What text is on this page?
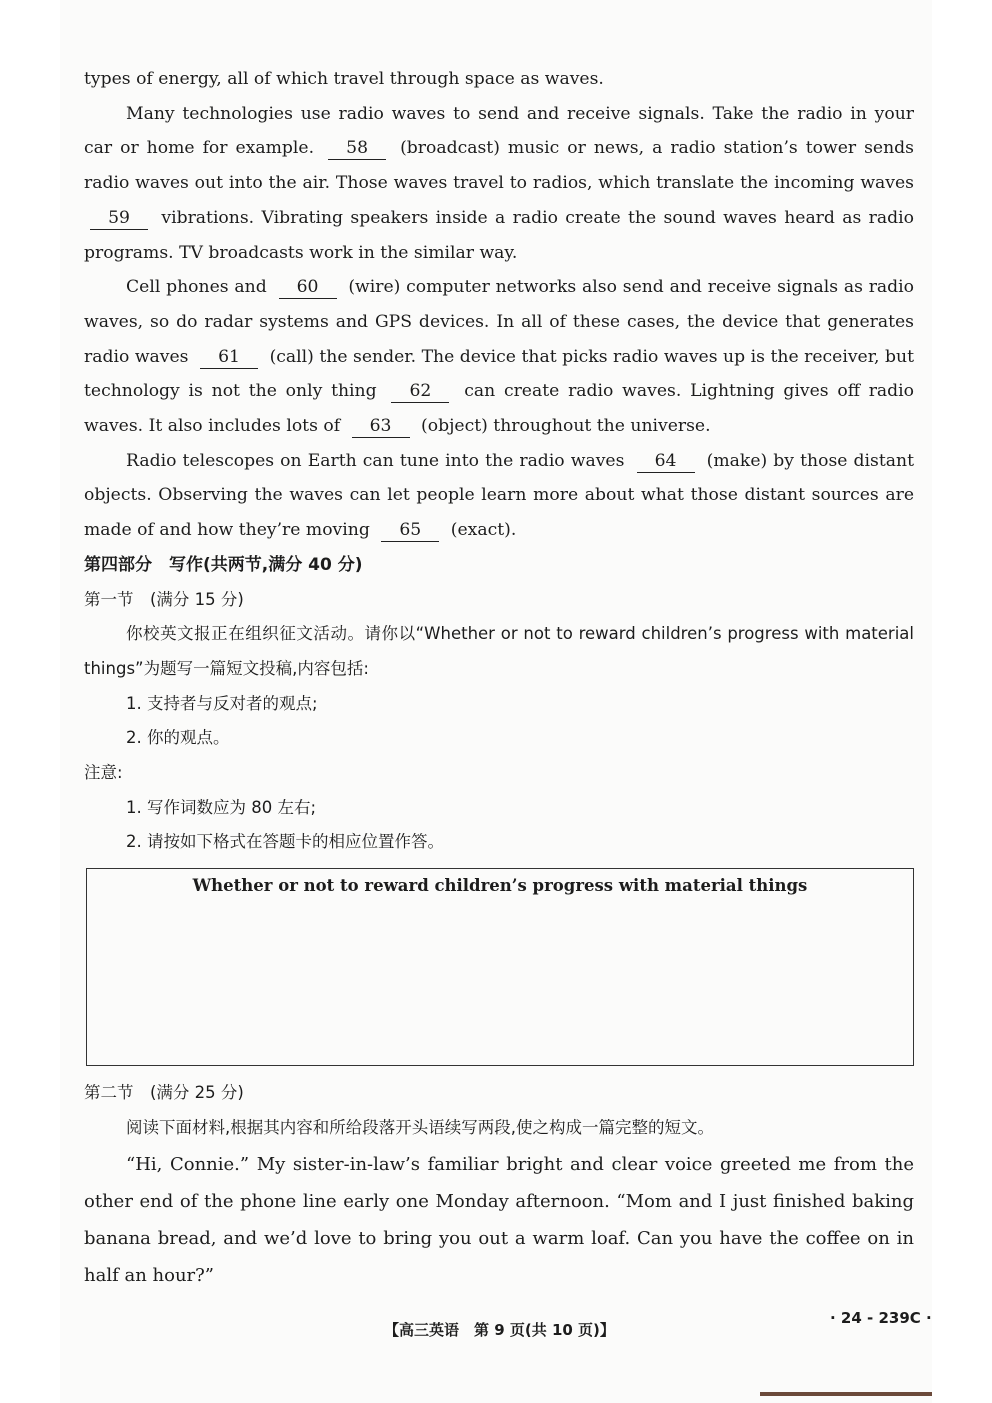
types of energy, all of which travel through space as waves.

Many technologies use radio waves to send and receive signals. Take the radio in your car or home for example. 58 (broadcast) music or news, a radio station’s tower sends radio waves out into the air. Those waves travel to radios, which translate the incoming waves 59 vibrations. Vibrating speakers inside a radio create the sound waves heard as radio programs. TV broadcasts work in the similar way.

Cell phones and 60 (wire) computer networks also send and receive signals as radio waves, so do radar systems and GPS devices. In all of these cases, the device that generates radio waves 61 (call) the sender. The device that picks radio waves up is the receiver, but technology is not the only thing 62 can create radio waves. Lightning gives off radio waves. It also includes lots of 63 (object) throughout the universe.

Radio telescopes on Earth can tune into the radio waves 64 (make) by those distant objects. Observing the waves can let people learn more about what those distant sources are made of and how they’re moving 65 (exact).

第四部分　写作(共两节,满分 40 分)

第一节　(满分 15 分)

你校英文报正在组织征文活动。请你以“Whether or not to reward children’s progress with material things”为题写一篇短文投稿,内容包括:

1. 支持者与反对者的观点;

2. 你的观点。

注意:

1. 写作词数应为 80 左右;

2. 请按如下格式在答题卡的相应位置作答。

Whether or not to reward children’s progress with material things

第二节　(满分 25 分)

阅读下面材料,根据其内容和所给段落开头语续写两段,使之构成一篇完整的短文。

“Hi, Connie.” My sister-in-law’s familiar bright and clear voice greeted me from the other end of the phone line early one Monday afternoon. “Mom and I just finished baking banana bread, and we’d love to bring you out a warm loaf. Can you have the coffee on in half an hour?”

【高三英语　第 9 页(共 10 页)】
· 24 - 239C ·
